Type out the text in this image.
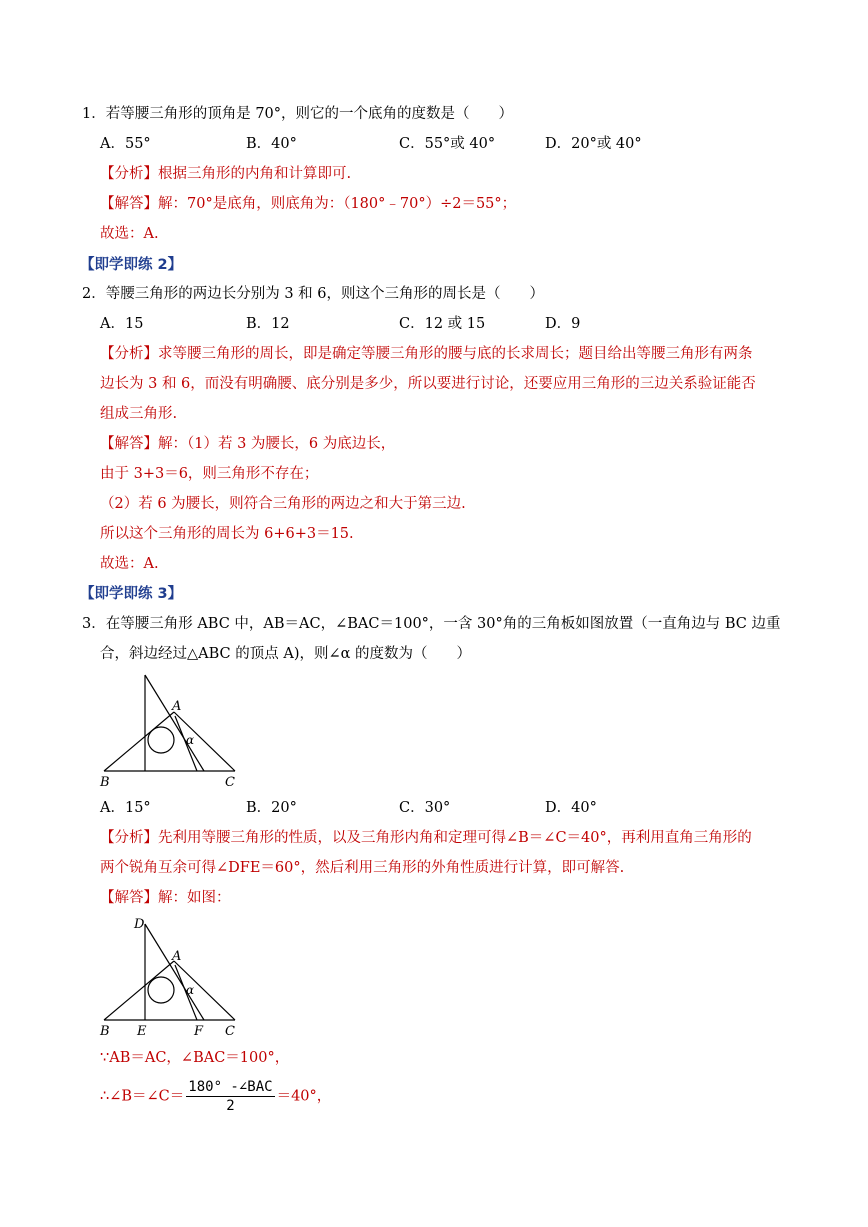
1．若等腰三角形的顶角是 70°，则它的一个底角的度数是（　　）
A．55°	B．40°	C．55°或 40°	D．20°或 40°
【分析】根据三角形的内角和计算即可.
【解答】解：70°是底角，则底角为：（180°﹣70°）÷2＝55°；
故选：A.
【即学即练 2】
2．等腰三角形的两边长分别为 3 和 6，则这个三角形的周长是（　　）
A．15	B．12	C．12 或 15	D．9
【分析】求等腰三角形的周长，即是确定等腰三角形的腰与底的长求周长；题目给出等腰三角形有两条
边长为 3 和 6，而没有明确腰、底分别是多少，所以要进行讨论，还要应用三角形的三边关系验证能否
组成三角形.
【解答】解：（1）若 3 为腰长，6 为底边长，
由于 3+3＝6，则三角形不存在；
（2）若 6 为腰长，则符合三角形的两边之和大于第三边.
所以这个三角形的周长为 6+6+3＝15.
故选：A.
【即学即练 3】
3．在等腰三角形 ABC 中，AB＝AC，∠BAC＝100°，一含 30°角的三角板如图放置（一直角边与 BC 边重
合，斜边经过△ABC 的顶点 A)，则∠α 的度数为（　　）
A
B	C
α
A．15°	B．20°	C．30°	D．40°
【分析】先利用等腰三角形的性质，以及三角形内角和定理可得∠B＝∠C＝40°，再利用直角三角形的
两个锐角互余可得∠DFE＝60°，然后利用三角形的外角性质进行计算，即可解答.
【解答】解：如图：
D
A
B E	F C
α
∵AB＝AC，∠BAC＝100°，
∴∠B＝∠C＝ $\frac{\text{180° -∠BAC}}{2} =40^\circ$，
